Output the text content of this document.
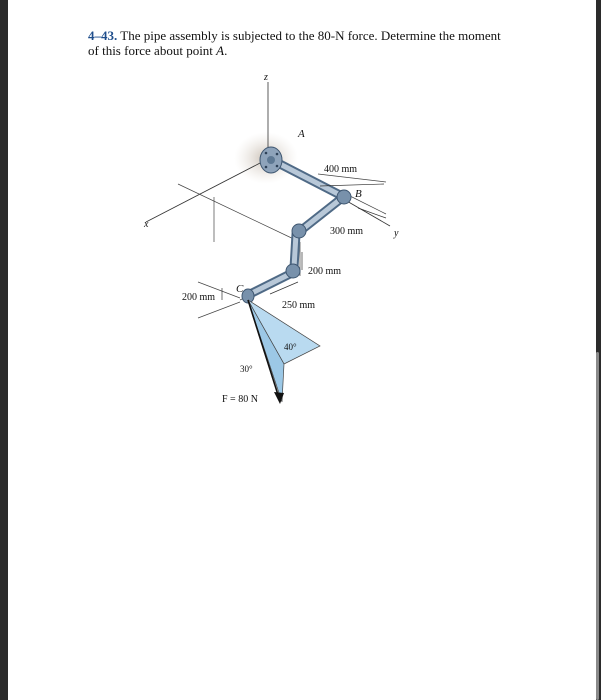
4–43. The pipe assembly is subjected to the 80-N force. Determine the moment of this force about point A.
z
x
y
A
B
C
400 mm
300 mm
200 mm
250 mm
200 mm
40°
30°
F = 80 N
